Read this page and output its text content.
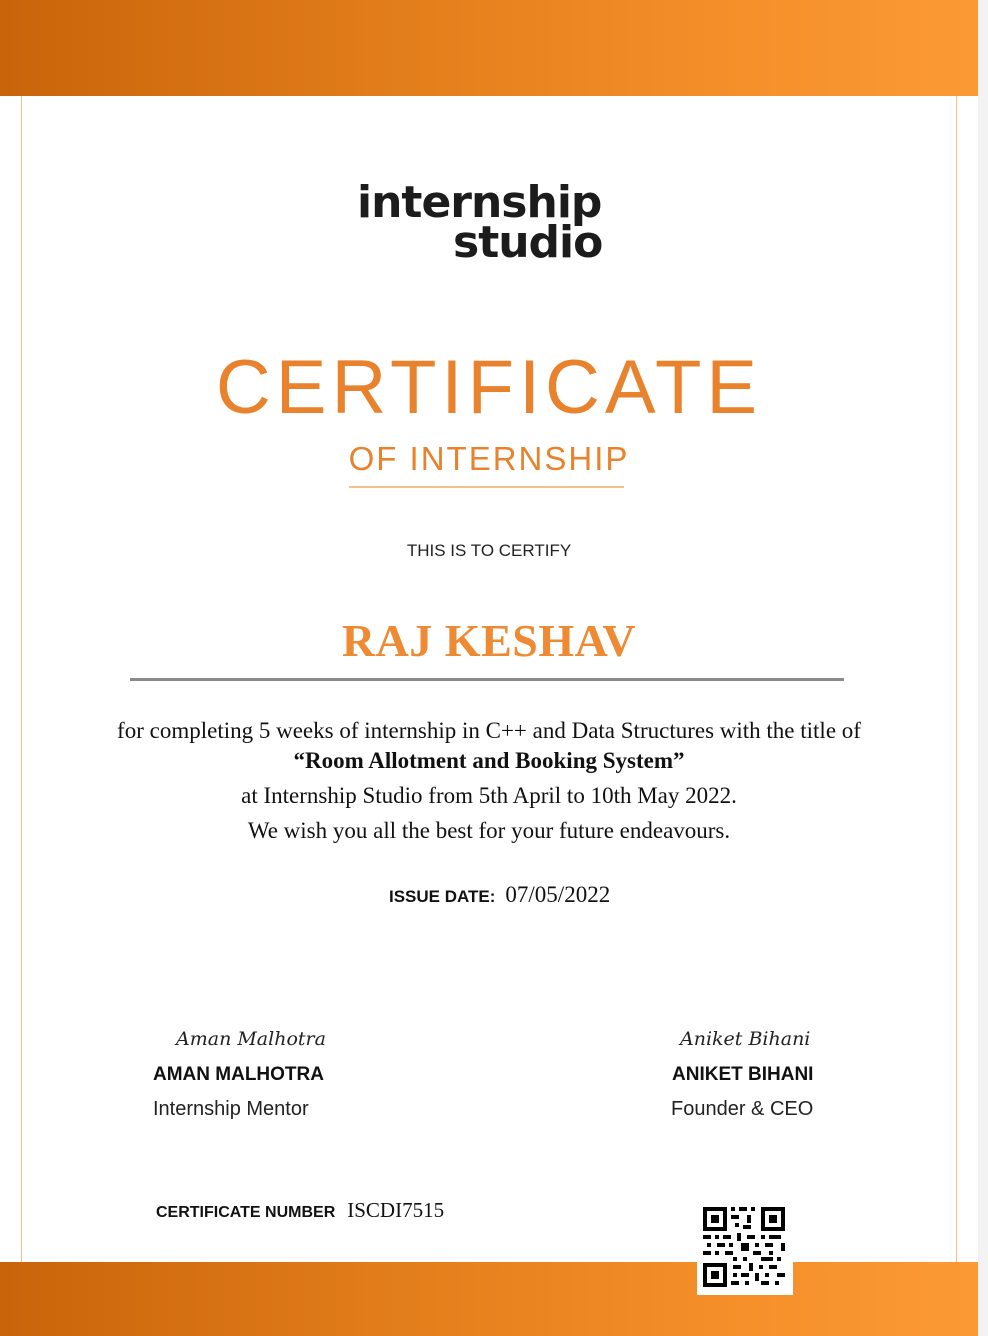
internship
studio
CERTIFICATE
OF INTERNSHIP
THIS IS TO CERTIFY
RAJ KESHAV
for completing 5 weeks of internship in C++ and Data Structures with the title of
“Room Allotment and Booking System”
at Internship Studio from 5th April to 10th May 2022.
We wish you all the best for your future endeavours.
ISSUE DATE: 07/05/2022
Aman Malhotra
AMAN MALHOTRA
Internship Mentor
Aniket Bihani
ANIKET BIHANI
Founder & CEO
CERTIFICATE NUMBER ISCDI7515
